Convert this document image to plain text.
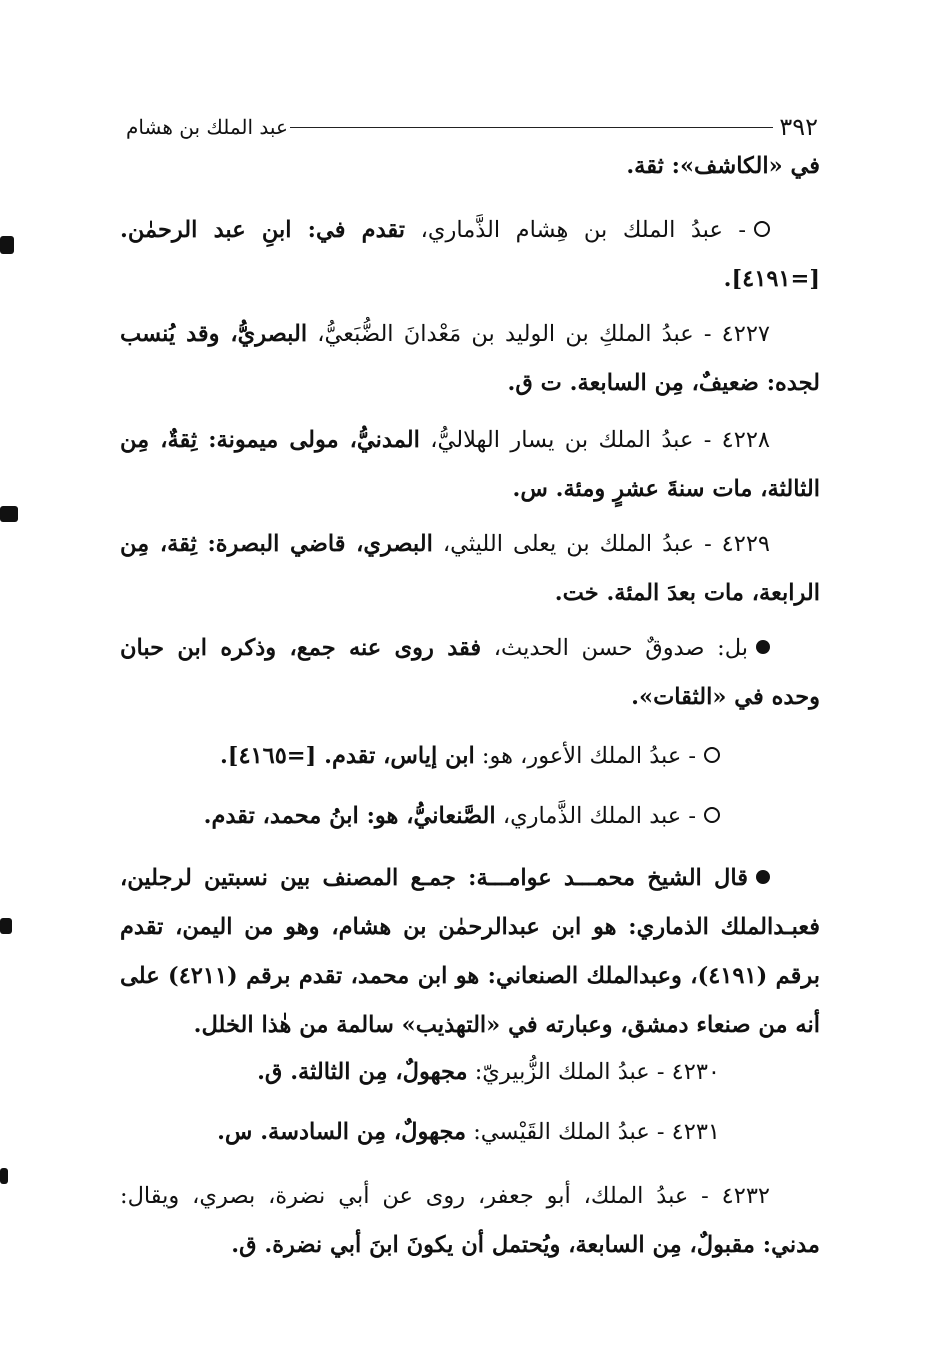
٣٩٢
عبد الملك بن هشام
في «الكاشف»: ثقة.
- عبدُ الملك بن هِشام الذَّماري، تقدم في: ابنِ عبد الرحمٰن. [=٤١٩١].
٤٢٢٧ - عبدُ الملكِ بن الوليد بن مَعْدانَ الضُّبَعيُّ، البصريُّ، وقد يُنسب لجده: ضعيفٌ، مِن السابعة. ت ق.
٤٢٢٨ - عبدُ الملك بن يسار الهلاليُّ، المدنيُّ، مولى ميمونة: ثِقةٌ، مِن الثالثة، مات سنةَ عشرٍ ومئة. س.
٤٢٢٩ - عبدُ الملك بن يعلى الليثي، البصري، قاضي البصرة: ثِقة، مِن الرابعة، مات بعدَ المئة. خت.
بل: صدوقٌ حسن الحديث، فقد روى عنه جمع، وذكره ابن حبان وحده في «الثقات».
- عبدُ الملك الأعور، هو: ابن إياس، تقدم. [=٤١٦٥].
- عبد الملك الذَّماري، الصَّنعانيُّ، هو: ابنُ محمد، تقدم.
قال الشيخ محمـــد عوامـــة: جمـع المصنف بين نسبتين لرجلين، فعبـدالملك الذماري: هو ابن عبدالرحمٰن بن هشام، وهو من اليمن، تقدم برقم (٤١٩١)، وعبدالملك الصنعاني: هو ابن محمد، تقدم برقم (٤٢١١) على أنه من صنعاء دمشق، وعبارته في «التهذيب» سالمة من هٰذا الخلل.
٤٢٣٠ - عبدُ الملك الزُّبيريّ: مجهولٌ، مِن الثالثة. ق.
٤٢٣١ - عبدُ الملك القَيْسي: مجهولٌ، مِن السادسة. س.
٤٢٣٢ - عبدُ الملك، أبو جعفر، روى عن أبي نضرة، بصري، ويقال: مدني: مقبولٌ، مِن السابعة، ويُحتمل أن يكونَ ابنَ أبي نضرة. ق.
